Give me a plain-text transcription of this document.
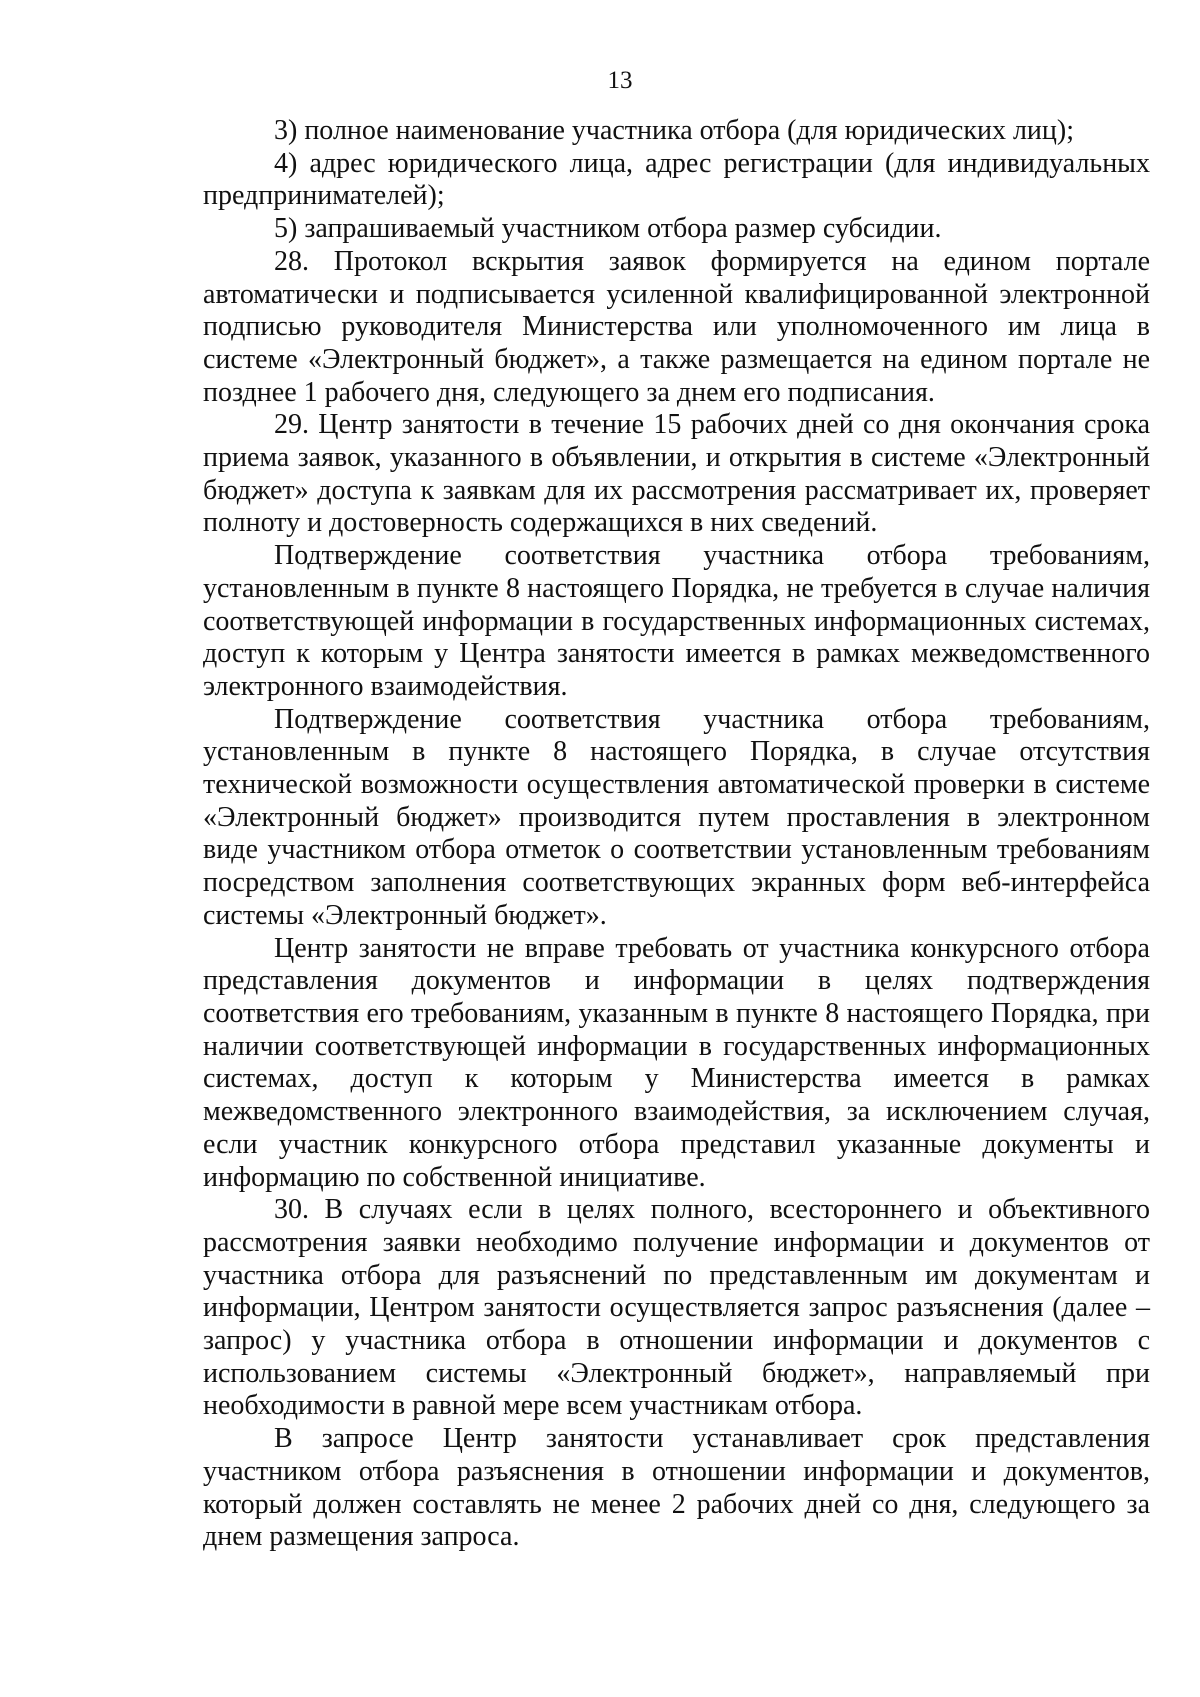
13

3) полное наименование участника отбора (для юридических лиц);

4) адрес юридического лица, адрес регистрации (для индивидуальных предпринимателей);

5) запрашиваемый участником отбора размер субсидии.

28. Протокол вскрытия заявок формируется на едином портале автоматически и подписывается усиленной квалифицированной электронной подписью руководителя Министерства или уполномоченного им лица в системе «Электронный бюджет», а также размещается на едином портале не позднее 1 рабочего дня, следующего за днем его подписания.

29. Центр занятости в течение 15 рабочих дней со дня окончания срока приема заявок, указанного в объявлении, и открытия в системе «Электронный бюджет» доступа к заявкам для их рассмотрения рассматривает их, проверяет полноту и достоверность содержащихся в них сведений.

Подтверждение соответствия участника отбора требованиям, установленным в пункте 8 настоящего Порядка, не требуется в случае наличия соответствующей информации в государственных информационных системах, доступ к которым у Центра занятости имеется в рамках межведомственного электронного взаимодействия.

Подтверждение соответствия участника отбора требованиям, установленным в пункте 8 настоящего Порядка, в случае отсутствия технической возможности осуществления автоматической проверки в системе «Электронный бюджет» производится путем проставления в электронном виде участником отбора отметок о соответствии установленным требованиям посредством заполнения соответствующих экранных форм веб-интерфейса системы «Электронный бюджет».

Центр занятости не вправе требовать от участника конкурсного отбора представления документов и информации в целях подтверждения соответствия его требованиям, указанным в пункте 8 настоящего Порядка, при наличии соответствующей информации в государственных информационных системах, доступ к которым у Министерства имеется в рамках межведомственного электронного взаимодействия, за исключением случая, если участник конкурсного отбора представил указанные документы и информацию по собственной инициативе.

30. В случаях если в целях полного, всестороннего и объективного рассмотрения заявки необходимо получение информации и документов от участника отбора для разъяснений по представленным им документам и информации, Центром занятости осуществляется запрос разъяснения (далее – запрос) у участника отбора в отношении информации и документов с использованием системы «Электронный бюджет», направляемый при необходимости в равной мере всем участникам отбора.

В запросе Центр занятости устанавливает срок представления участником отбора разъяснения в отношении информации и документов, который должен составлять не менее 2 рабочих дней со дня, следующего за днем размещения запроса.
